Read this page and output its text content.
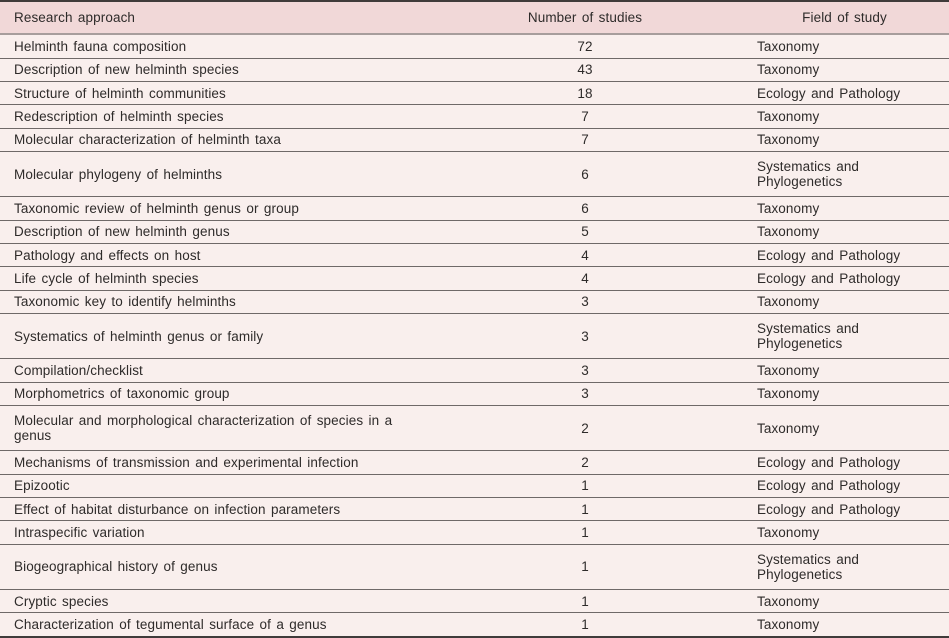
Research approach	Number of studies	Field of study
Helminth fauna composition	72	Taxonomy
Description of new helminth species	43	Taxonomy
Structure of helminth communities	18	Ecology and Pathology
Redescription of helminth species	7	Taxonomy
Molecular characterization of helminth taxa	7	Taxonomy
Molecular phylogeny of helminths	6	Systematics and Phylogenetics
Taxonomic review of helminth genus or group	6	Taxonomy
Description of new helminth genus	5	Taxonomy
Pathology and effects on host	4	Ecology and Pathology
Life cycle of helminth species	4	Ecology and Pathology
Taxonomic key to identify helminths	3	Taxonomy
Systematics of helminth genus or family	3	Systematics and Phylogenetics
Compilation/checklist	3	Taxonomy
Morphometrics of taxonomic group	3	Taxonomy
Molecular and morphological characterization of species in a genus	2	Taxonomy
Mechanisms of transmission and experimental infection	2	Ecology and Pathology
Epizootic	1	Ecology and Pathology
Effect of habitat disturbance on infection parameters	1	Ecology and Pathology
Intraspecific variation	1	Taxonomy
Biogeographical history of genus	1	Systematics and Phylogenetics
Cryptic species	1	Taxonomy
Characterization of tegumental surface of a genus	1	Taxonomy
